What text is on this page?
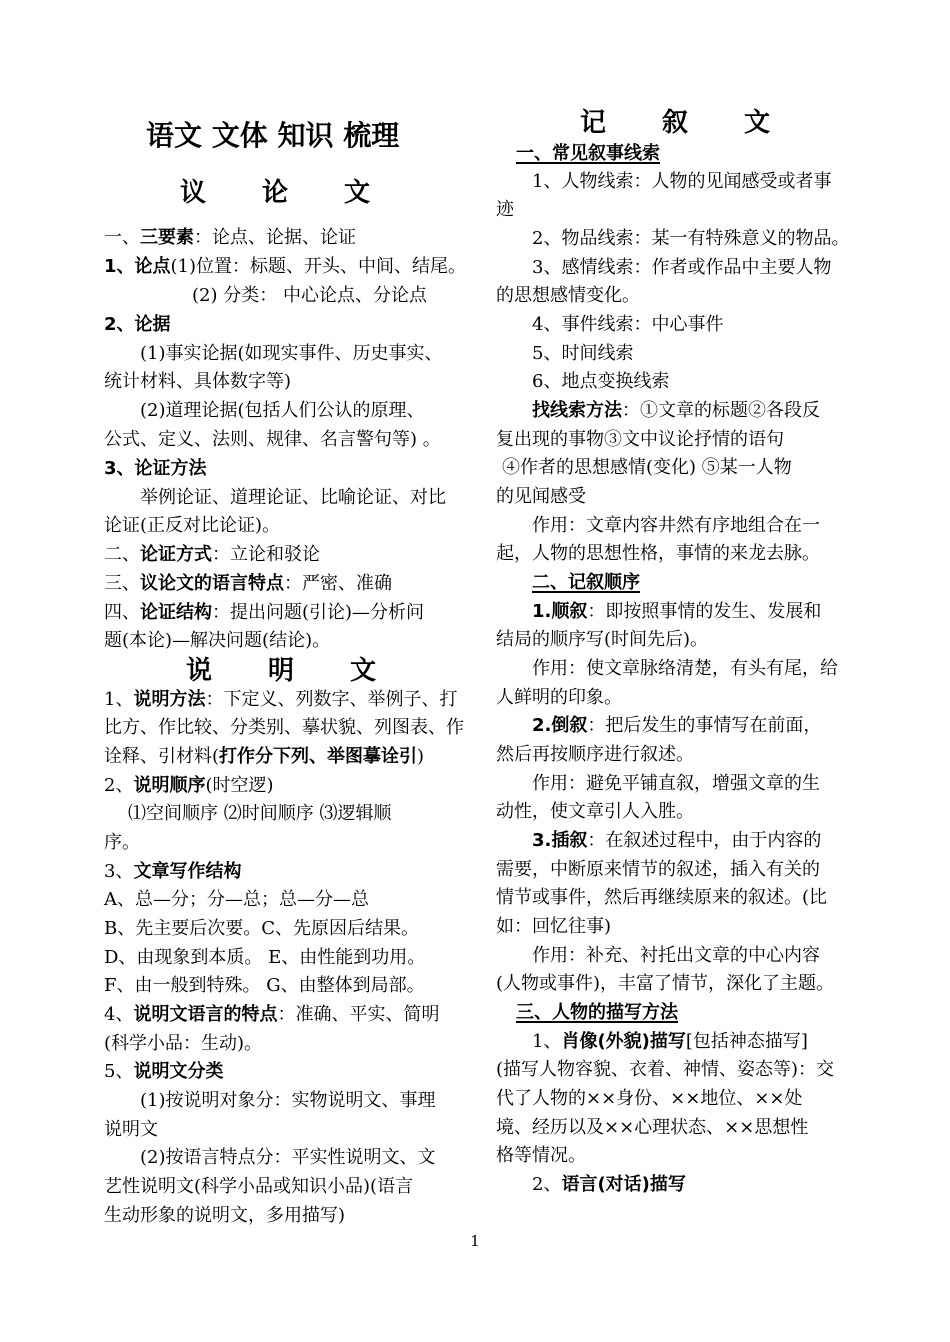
语文 文体 知识 梳理
议论文
一、三要素：论点、论据、论证
1、论点(1)位置：标题、开头、中间、结尾。
(2) 分类： 中心论点、分论点
2、论据
(1)事实论据(如现实事件、历史事实、
统计材料、具体数字等)
(2)道理论据(包括人们公认的原理、
公式、定义、法则、规律、名言警句等) 。
3、论证方法
举例论证、道理论证、比喻论证、对比
论证(正反对比论证)。
二、论证方式：立论和驳论
三、议论文的语言特点：严密、准确
四、论证结构：提出问题(引论)—分析问
题(本论)—解决问题(结论)。
说明文
1、说明方法：下定义、列数字、举例子、打
比方、作比较、分类别、摹状貌、列图表、作
诠释、引材料(打作分下列、举图摹诠引)
2、说明顺序(时空逻)
⑴空间顺序 ⑵时间顺序 ⑶逻辑顺
序。
3、文章写作结构
A、总—分；分—总；总—分—总
B、先主要后次要。C、先原因后结果。
D、由现象到本质。 E、由性能到功用。
F、由一般到特殊。 G、由整体到局部。
4、说明文语言的特点：准确、平实、简明
(科学小品：生动)。
5、说明文分类
(1)按说明对象分：实物说明文、事理
说明文
(2)按语言特点分：平实性说明文、文
艺性说明文(科学小品或知识小品)(语言
生动形象的说明文，多用描写)
记叙文
一、常见叙事线索
1、人物线索：人物的见闻感受或者事
迹
2、物品线索：某一有特殊意义的物品。
3、感情线索：作者或作品中主要人物
的思想感情变化。
4、事件线索：中心事件
5、时间线索
6、地点变换线索
找线索方法：①文章的标题②各段反
复出现的事物③文中议论抒情的语句
④作者的思想感情(变化) ⑤某一人物
的见闻感受
作用：文章内容井然有序地组合在一
起，人物的思想性格，事情的来龙去脉。
二、记叙顺序
1.顺叙：即按照事情的发生、发展和
结局的顺序写(时间先后)。
作用：使文章脉络清楚，有头有尾，给
人鲜明的印象。
2.倒叙：把后发生的事情写在前面，
然后再按顺序进行叙述。
作用：避免平铺直叙，增强文章的生
动性，使文章引人入胜。
3.插叙：在叙述过程中，由于内容的
需要，中断原来情节的叙述，插入有关的
情节或事件，然后再继续原来的叙述。(比
如：回忆往事)
作用：补充、衬托出文章的中心内容
(人物或事件)，丰富了情节，深化了主题。
三、人物的描写方法
1、肖像(外貌)描写[包括神态描写]
(描写人物容貌、衣着、神情、姿态等)：交
代了人物的××身份、××地位、××处
境、经历以及××心理状态、××思想性
格等情况。
2、语言(对话)描写
1
